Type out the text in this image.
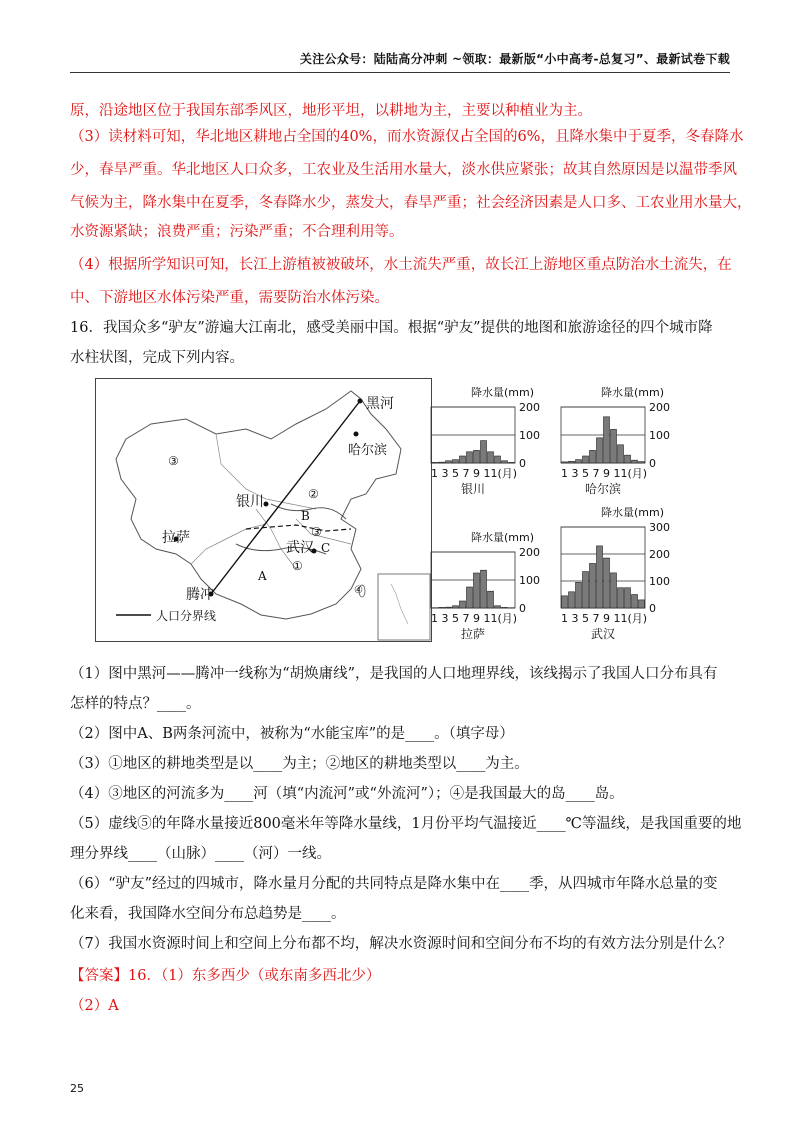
关注公众号：陆陆高分冲刺 ~领取：最新版“小中高考-总复习”、最新试卷下载
原，沿途地区位于我国东部季风区，地形平坦，以耕地为主，主要以种植业为主。
（3）读材料可知，华北地区耕地占全国的40%，而水资源仅占全国的6%，且降水集中于夏季，冬春降水
少，春旱严重。华北地区人口众多，工农业及生活用水量大，淡水供应紧张；故其自然原因是以温带季风
气候为主，降水集中在夏季，冬春降水少，蒸发大，春旱严重；社会经济因素是人口多、工农业用水量大，
水资源紧缺；浪费严重；污染严重；不合理利用等。
（4）根据所学知识可知，长江上游植被被破坏，水土流失严重，故长江上游地区重点防治水土流失，在
中、下游地区水体污染严重，需要防治水体污染。
16．我国众多“驴友”游遍大江南北，感受美丽中国。根据“驴友”提供的地图和旅游途径的四个城市降
水柱状图，完成下列内容。
黑河
哈尔滨
银川
拉萨
武汉
腾冲
③
②
③
①
④
A
B
C
人口分界线
降水量(mm)
200
100
0
1 3 5 7 9 11(月)
银川
降水量(mm)
200
100
0
1 3 5 7 9 11(月)
哈尔滨
降水量(mm)
200
100
0
1 3 5 7 9 11(月)
拉萨
降水量(mm)
300
200
100
0
1 3 5 7 9 11(月)
武汉
（1）图中黑河——腾冲一线称为“胡焕庸线”，是我国的人口地理界线，该线揭示了我国人口分布具有
怎样的特点？____。
（2）图中A、B两条河流中，被称为“水能宝库”的是____。（填字母）
（3）①地区的耕地类型是以____为主；②地区的耕地类型以____为主。
（4）③地区的河流多为____河（填“内流河”或“外流河”）；④是我国最大的岛____岛。
（5）虚线⑤的年降水量接近800毫米年等降水量线，1月份平均气温接近____℃等温线，是我国重要的地
理分界线____（山脉）____（河）一线。
（6）“驴友”经过的四城市，降水量月分配的共同特点是降水集中在____季，从四城市年降水总量的变
化来看，我国降水空间分布总趋势是____。
（7）我国水资源时间上和空间上分布都不均，解决水资源时间和空间分布不均的有效方法分别是什么？
【答案】16．（1）东多西少（或东南多西北少）
（2）A
25
